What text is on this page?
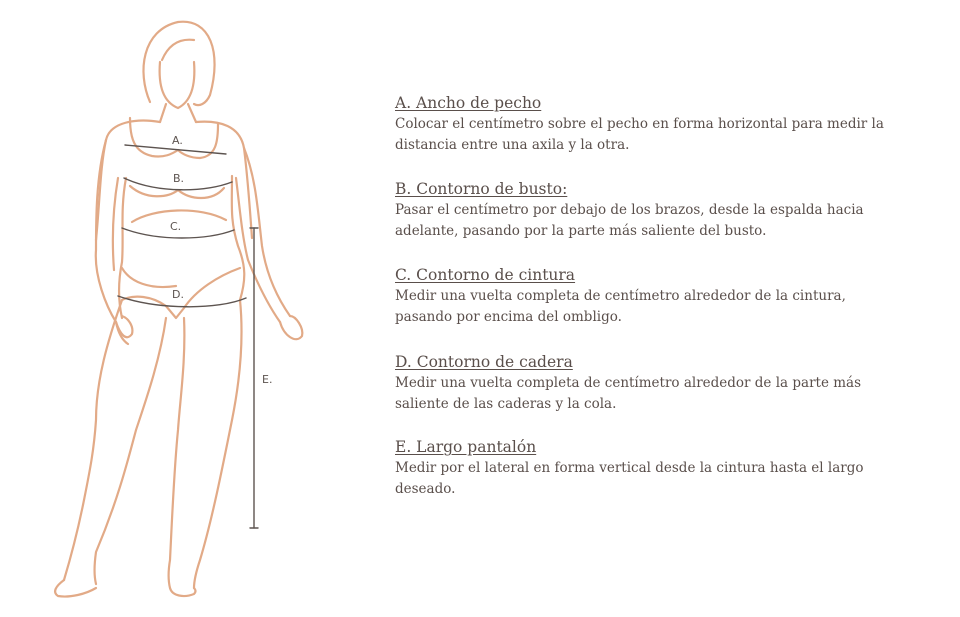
A.
B.
C.
D.
E.
A. Ancho de pecho
Colocar el centímetro sobre el pecho en forma horizontal para medir la distancia entre una axila y la otra.
B. Contorno de busto:
Pasar el centímetro por debajo de los brazos, desde la espalda hacia adelante, pasando por la parte más saliente del busto.
C. Contorno de cintura
Medir una vuelta completa de centímetro alrededor de la cintura, pasando por encima del ombligo.
D. Contorno de cadera
Medir una vuelta completa de centímetro alrededor de la parte más saliente de las caderas y la cola.
E. Largo pantalón
Medir por el lateral en forma vertical desde la cintura hasta el largo deseado.
